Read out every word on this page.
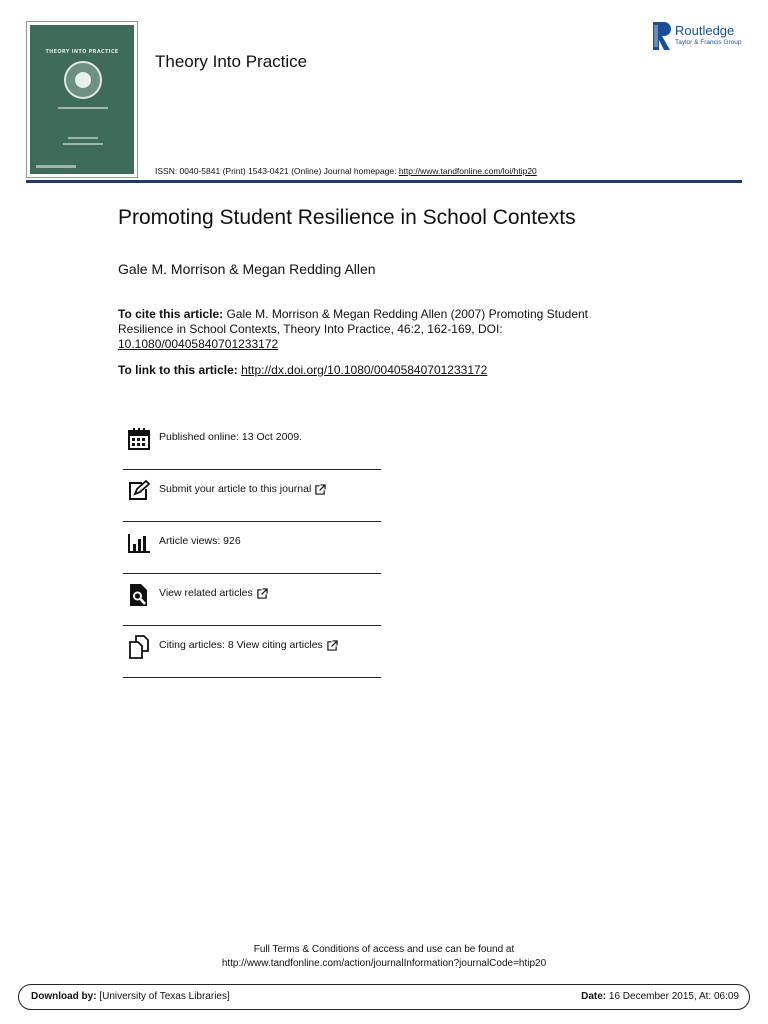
THEORY INTO PRACTICE	Theory Into Practice
Routledge
Taylor & Francis Group
ISSN: 0040-5841 (Print) 1543-0421 (Online) Journal homepage: http://www.tandfonline.com/loi/htip20
Promoting Student Resilience in School Contexts
Gale M. Morrison & Megan Redding Allen
To cite this article: Gale M. Morrison & Megan Redding Allen (2007) Promoting Student Resilience in School Contexts, Theory Into Practice, 46:2, 162-169, DOI: 10.1080/00405840701233172
To link to this article: http://dx.doi.org/10.1080/00405840701233172
Published online: 13 Oct 2009.
Submit your article to this journal
Article views: 926
View related articles
Citing articles: 8 View citing articles
Full Terms & Conditions of access and use can be found at
http://www.tandfonline.com/action/journalInformation?journalCode=htip20
Download by: [University of Texas Libraries]	Date: 16 December 2015, At: 06:09
